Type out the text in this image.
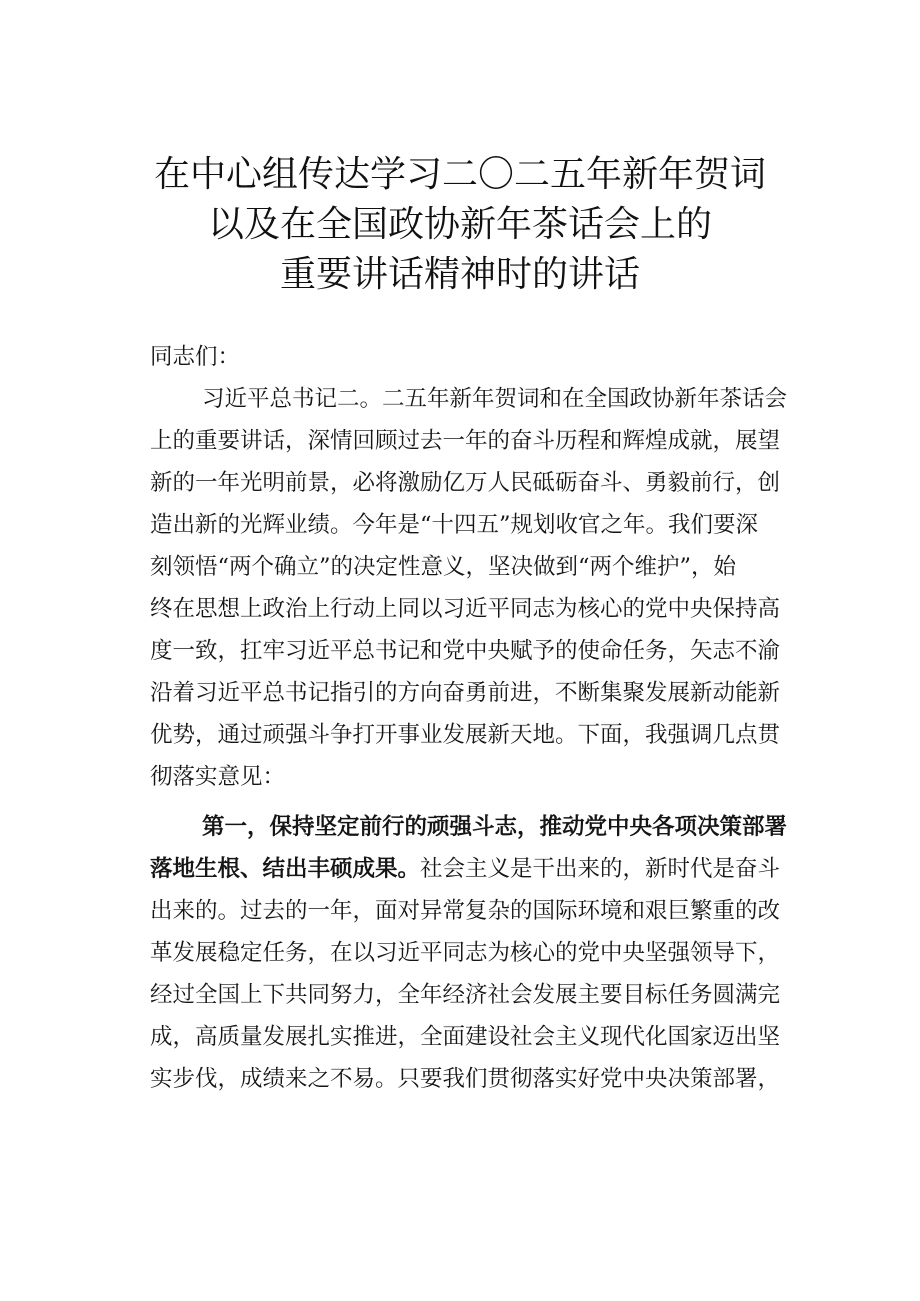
在中心组传达学习二〇二五年新年贺词
以及在全国政协新年茶话会上的
重要讲话精神时的讲话
同志们：
习近平总书记二。二五年新年贺词和在全国政协新年茶话会
上的重要讲话，深情回顾过去一年的奋斗历程和辉煌成就，展望
新的一年光明前景，必将激励亿万人民砥砺奋斗、勇毅前行，创
造出新的光辉业绩。今年是“十四五”规划收官之年。我们要深
刻领悟“两个确立”的决定性意义，坚决做到“两个维护”，始
终在思想上政治上行动上同以习近平同志为核心的党中央保持高
度一致，扛牢习近平总书记和党中央赋予的使命任务，矢志不渝
沿着习近平总书记指引的方向奋勇前进，不断集聚发展新动能新
优势，通过顽强斗争打开事业发展新天地。下面，我强调几点贯
彻落实意见：
第一，保持坚定前行的顽强斗志，推动党中央各项决策部署
落地生根、结出丰硕成果。社会主义是干出来的，新时代是奋斗
出来的。过去的一年，面对异常复杂的国际环境和艰巨繁重的改
革发展稳定任务，在以习近平同志为核心的党中央坚强领导下，
经过全国上下共同努力，全年经济社会发展主要目标任务圆满完
成，高质量发展扎实推进，全面建设社会主义现代化国家迈出坚
实步伐，成绩来之不易。只要我们贯彻落实好党中央决策部署，
